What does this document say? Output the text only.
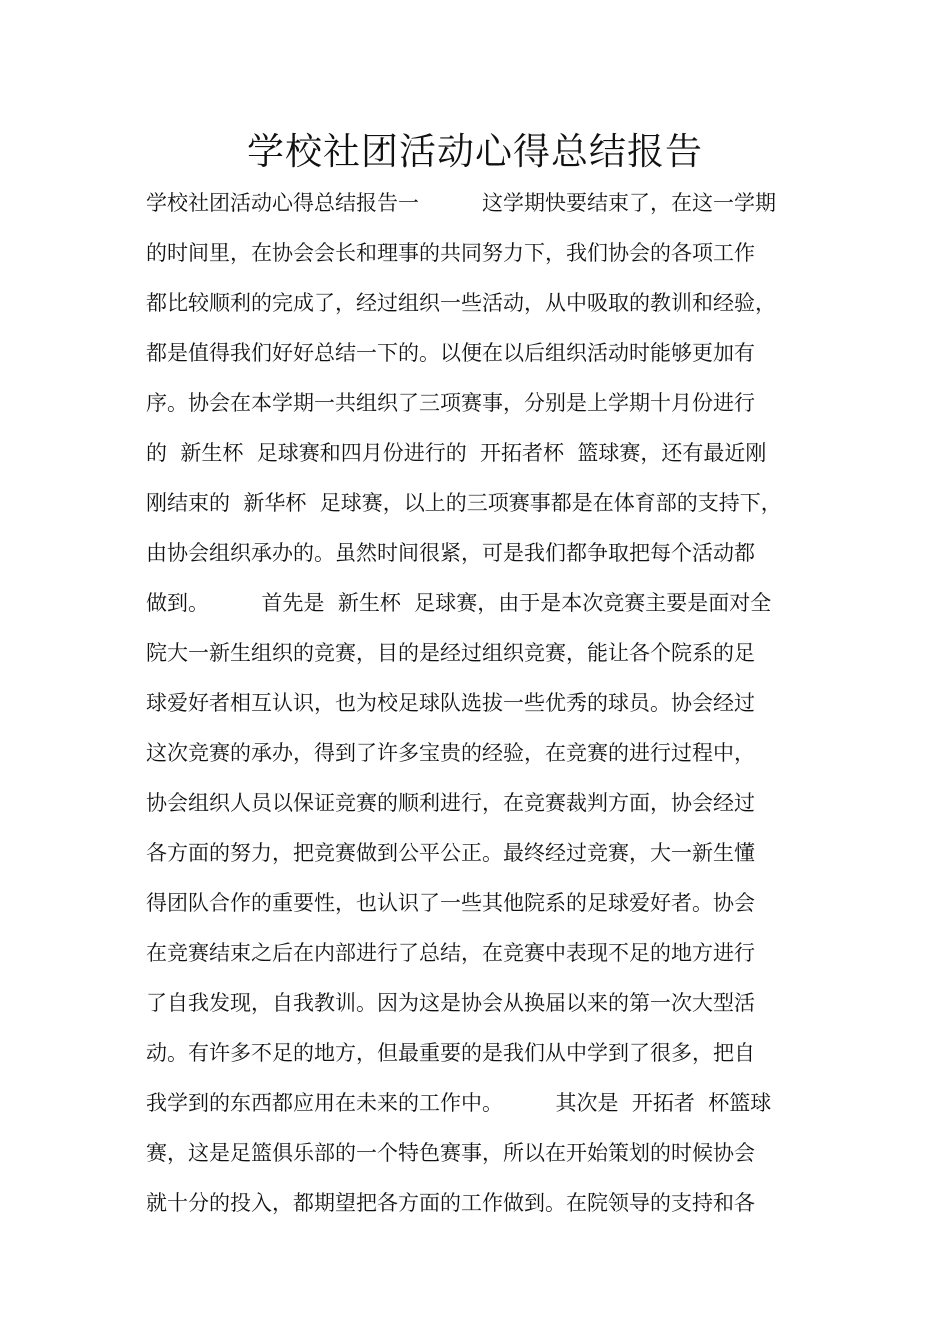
学校社团活动心得总结报告

学校社团活动心得总结报告一　　　这学期快要结束了，在这一学期

的时间里，在协会会长和理事的共同努力下，我们协会的各项工作

都比较顺利的完成了，经过组织一些活动，从中吸取的教训和经验，

都是值得我们好好总结一下的。以便在以后组织活动时能够更加有

序。协会在本学期一共组织了三项赛事，分别是上学期十月份进行

的  新生杯  足球赛和四月份进行的  开拓者杯  篮球赛，还有最近刚

刚结束的  新华杯  足球赛，以上的三项赛事都是在体育部的支持下，

由协会组织承办的。虽然时间很紧，可是我们都争取把每个活动都

做到。　　　首先是  新生杯  足球赛，由于是本次竞赛主要是面对全

院大一新生组织的竞赛，目的是经过组织竞赛，能让各个院系的足

球爱好者相互认识，也为校足球队选拔一些优秀的球员。协会经过

这次竞赛的承办，得到了许多宝贵的经验，在竞赛的进行过程中，

协会组织人员以保证竞赛的顺利进行，在竞赛裁判方面，协会经过

各方面的努力，把竞赛做到公平公正。最终经过竞赛，大一新生懂

得团队合作的重要性，也认识了一些其他院系的足球爱好者。协会

在竞赛结束之后在内部进行了总结，在竞赛中表现不足的地方进行

了自我发现，自我教训。因为这是协会从换届以来的第一次大型活

动。有许多不足的地方，但最重要的是我们从中学到了很多，把自

我学到的东西都应用在未来的工作中。　　　其次是  开拓者  杯篮球

赛，这是足篮俱乐部的一个特色赛事，所以在开始策划的时候协会

就十分的投入，都期望把各方面的工作做到。在院领导的支持和各
